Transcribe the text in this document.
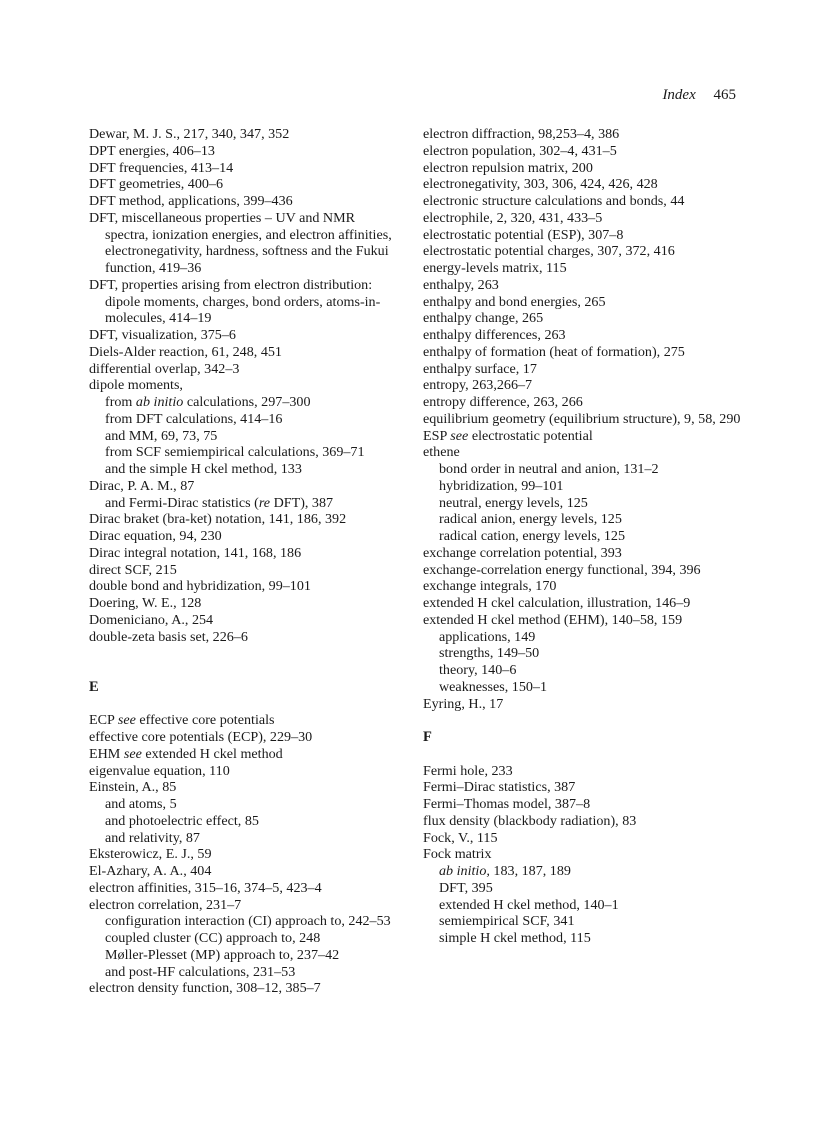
Index 465
Dewar, M. J. S., 217, 340, 347, 352
DPT energies, 406–13
DFT frequencies, 413–14
DFT geometries, 400–6
DFT method, applications, 399–436
DFT, miscellaneous properties – UV and NMR spectra, ionization energies, and electron affinities, electronegativity, hardness, softness and the Fukui function, 419–36
DFT, properties arising from electron distribution: dipole moments, charges, bond orders, atoms-in-molecules, 414–19
DFT, visualization, 375–6
Diels-Alder reaction, 61, 248, 451
differential overlap, 342–3
dipole moments,
from ab initio calculations, 297–300
from DFT calculations, 414–16
and MM, 69, 73, 75
from SCF semiempirical calculations, 369–71
and the simple H ckel method, 133
Dirac, P. A. M., 87
and Fermi-Dirac statistics (re DFT), 387
Dirac braket (bra-ket) notation, 141, 186, 392
Dirac equation, 94, 230
Dirac integral notation, 141, 168, 186
direct SCF, 215
double bond and hybridization, 99–101
Doering, W. E., 128
Domeniciano, A., 254
double-zeta basis set, 226–6

E

ECP see effective core potentials
effective core potentials (ECP), 229–30
EHM see extended H ckel method
eigenvalue equation, 110
Einstein, A., 85
and atoms, 5
and photoelectric effect, 85
and relativity, 87
Eksterowicz, E. J., 59
El-Azhary, A. A., 404
electron affinities, 315–16, 374–5, 423–4
electron correlation, 231–7
configuration interaction (CI) approach to, 242–53
coupled cluster (CC) approach to, 248
Møller-Plesset (MP) approach to, 237–42
and post-HF calculations, 231–53
electron density function, 308–12, 385–7
electron diffraction, 98,253–4, 386
electron population, 302–4, 431–5
electron repulsion matrix, 200
electronegativity, 303, 306, 424, 426, 428
electronic structure calculations and bonds, 44
electrophile, 2, 320, 431, 433–5
electrostatic potential (ESP), 307–8
electrostatic potential charges, 307, 372, 416
energy-levels matrix, 115
enthalpy, 263
enthalpy and bond energies, 265
enthalpy change, 265
enthalpy differences, 263
enthalpy of formation (heat of formation), 275
enthalpy surface, 17
entropy, 263,266–7
entropy difference, 263, 266
equilibrium geometry (equilibrium structure), 9, 58, 290
ESP see electrostatic potential
ethene
bond order in neutral and anion, 131–2
hybridization, 99–101
neutral, energy levels, 125
radical anion, energy levels, 125
radical cation, energy levels, 125
exchange correlation potential, 393
exchange-correlation energy functional, 394, 396
exchange integrals, 170
extended H ckel calculation, illustration, 146–9
extended H ckel method (EHM), 140–58, 159
applications, 149
strengths, 149–50
theory, 140–6
weaknesses, 150–1
Eyring, H., 17

F

Fermi hole, 233
Fermi–Dirac statistics, 387
Fermi–Thomas model, 387–8
flux density (blackbody radiation), 83
Fock, V., 115
Fock matrix
ab initio, 183, 187, 189
DFT, 395
extended H ckel method, 140–1
semiempirical SCF, 341
simple H ckel method, 115
